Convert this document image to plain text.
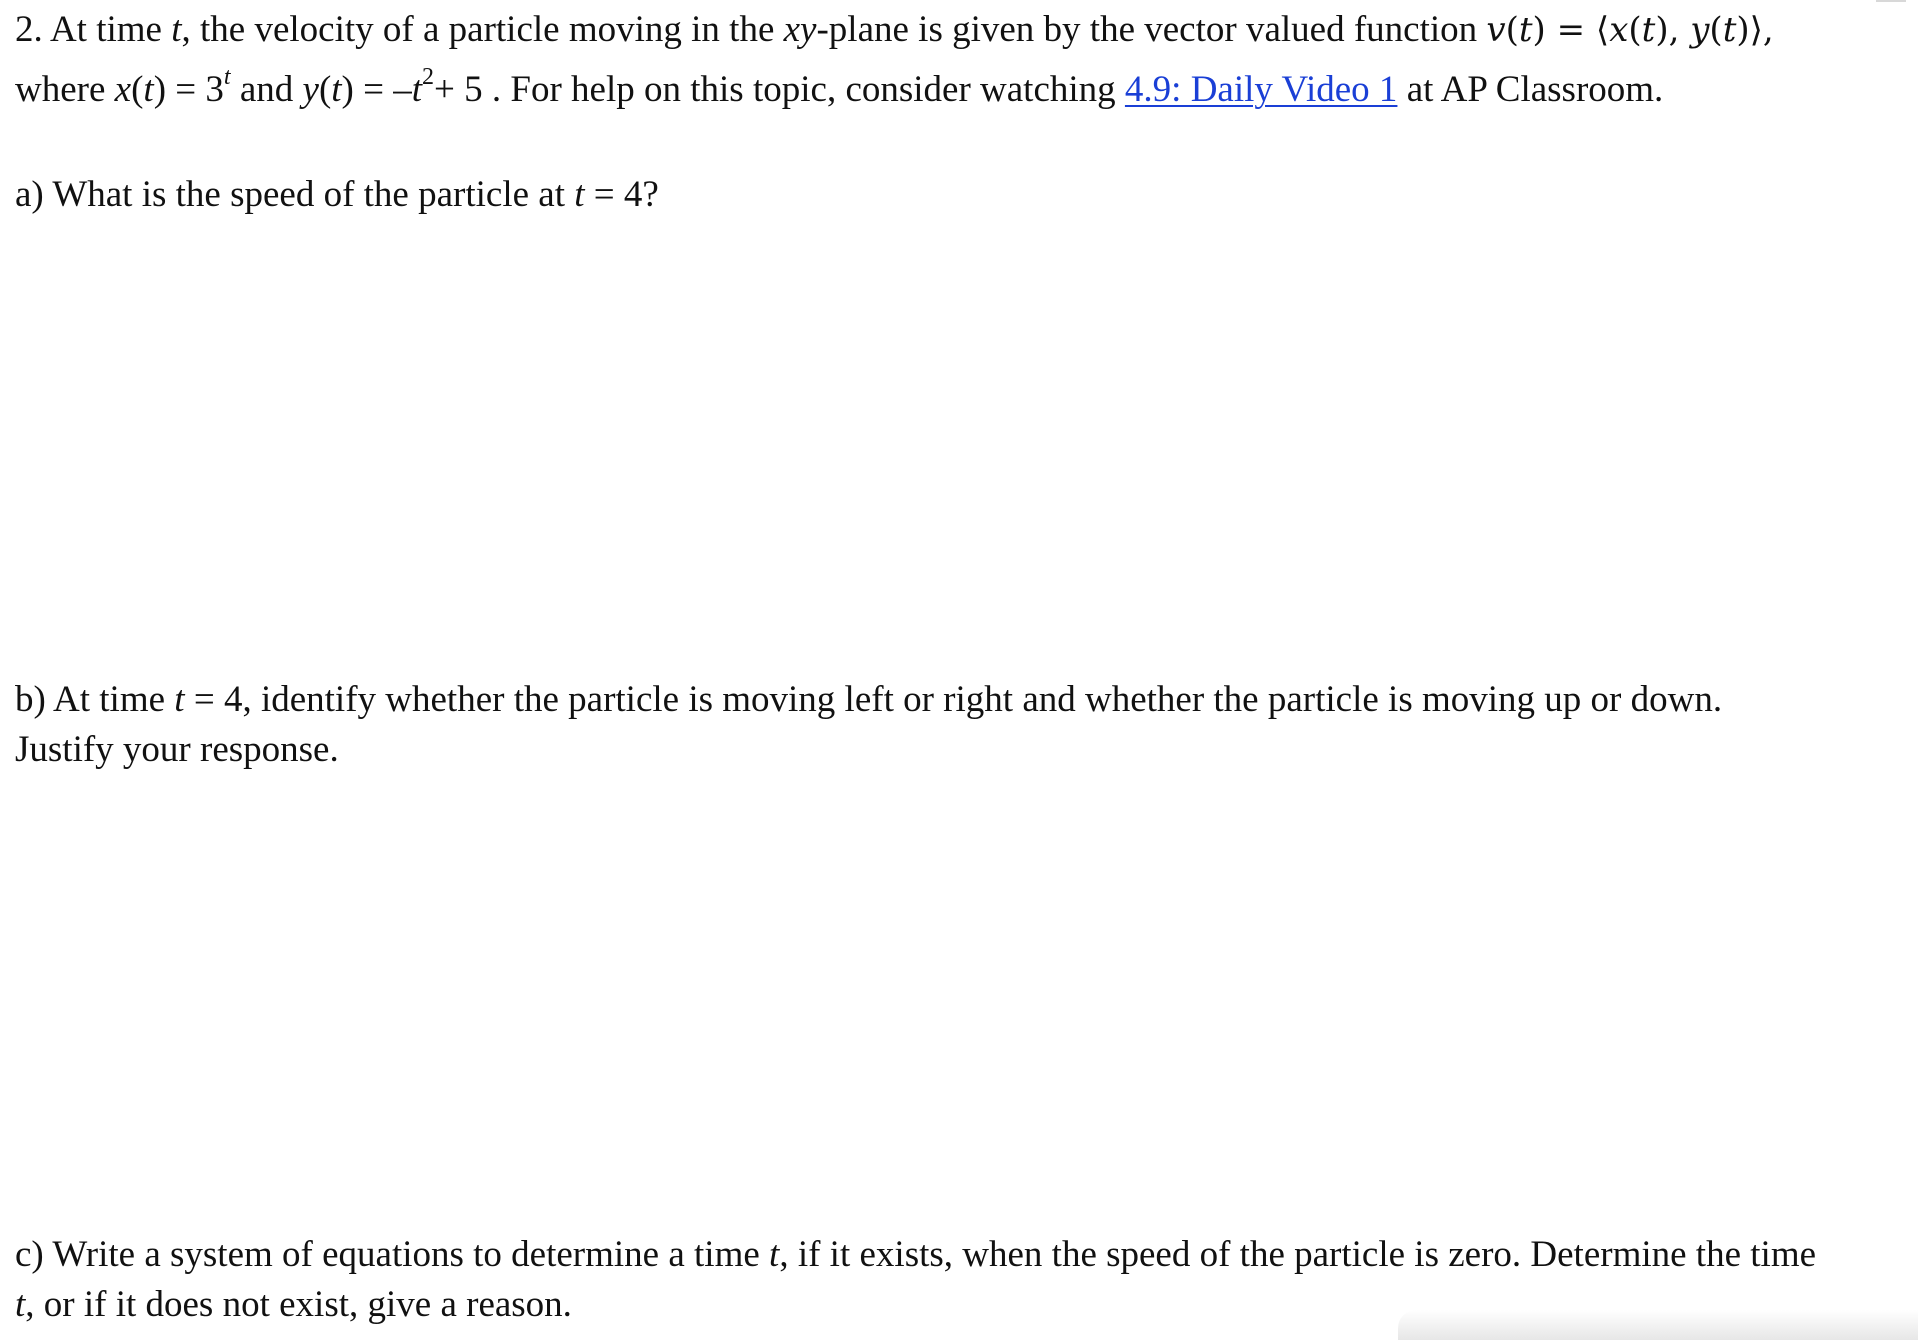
2. At time t, the velocity of a particle moving in the xy-plane is given by the vector valued function v(t) = ⟨x(t), y(t)⟩,
where $x(t) = 3^t$ and $y(t) = -t^2+ 5$ . For help on this topic, consider watching 4.9: Daily Video 1 at AP Classroom.
a) What is the speed of the particle at t = 4?
b) At time t = 4, identify whether the particle is moving left or right and whether the particle is moving up or down.
Justify your response.
c) Write a system of equations to determine a time t, if it exists, when the speed of the particle is zero. Determine the time
t, or if it does not exist, give a reason.
